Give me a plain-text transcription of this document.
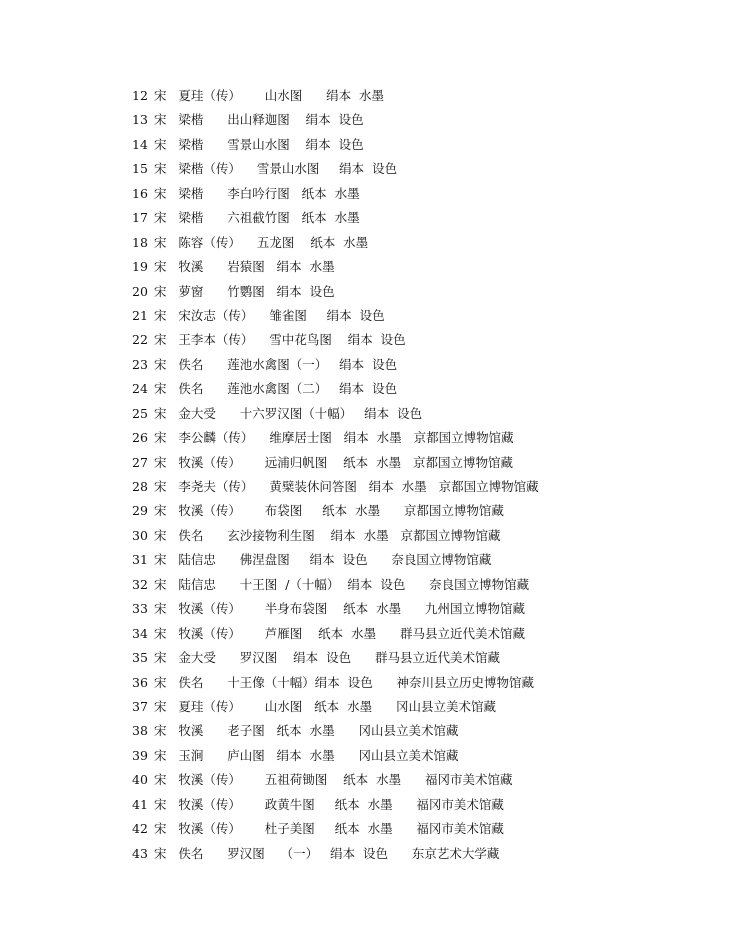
12 宋   夏珪（传）      山水图      绢本  水墨
13 宋   梁楷      出山释迦图    绢本  设色
14 宋   梁楷      雪景山水图    绢本  设色
15 宋   梁楷（传）    雪景山水图     绢本  设色
16 宋   梁楷      李白吟行图   纸本  水墨
17 宋   梁楷      六祖截竹图   纸本  水墨
18 宋   陈容（传）    五龙图    纸本  水墨
19 宋   牧溪      岩猿图   绢本  水墨
20 宋   萝窗      竹鹦图   绢本  设色
21 宋   宋汝志（传）    雏雀图     绢本  设色
22 宋   王李本（传）    雪中花鸟图    绢本  设色
23 宋   佚名      莲池水禽图（一）   绢本  设色
24 宋   佚名      莲池水禽图（二）   绢本  设色
25 宋   金大受      十六罗汉图（十幅）   绢本  设色
26 宋   李公麟（传）    维摩居士图   绢本  水墨   京都国立博物馆藏
27 宋   牧溪（传）      远浦归帆图    纸本  水墨   京都国立博物馆藏
28 宋   李尧夫（传）    黄檗装休问答图   绢本  水墨   京都国立博物馆藏
29 宋   牧溪（传）      布袋图     纸本  水墨      京都国立博物馆藏
30 宋   佚名      玄沙接物利生图    绢本  水墨   京都国立博物馆藏
31 宋   陆信忠      佛涅盘图     绢本  设色      奈良国立博物馆藏
32 宋   陆信忠      十王图  /（十幅）  绢本  设色      奈良国立博物馆藏
33 宋   牧溪（传）      半身布袋图    纸本  水墨      九州国立博物馆藏
34 宋   牧溪（传）      芦雁图    纸本  水墨      群马县立近代美术馆藏
35 宋   金大受      罗汉图    绢本  设色      群马县立近代美术馆藏
36 宋   佚名      十王像（十幅）绢本  设色      神奈川县立历史博物馆藏
37 宋   夏珪（传）      山水图   纸本  水墨      冈山县立美术馆藏
38 宋   牧溪      老子图   纸本  水墨      冈山县立美术馆藏
39 宋   玉涧      庐山图   绢本  水墨      冈山县立美术馆藏
40 宋   牧溪（传）      五祖荷锄图    纸本  水墨      福冈市美术馆藏
41 宋   牧溪（传）      政黄牛图     纸本  水墨      福冈市美术馆藏
42 宋   牧溪（传）      杜子美图     纸本  水墨      福冈市美术馆藏
43 宋   佚名      罗汉图    （一）   绢本  设色      东京艺术大学藏
